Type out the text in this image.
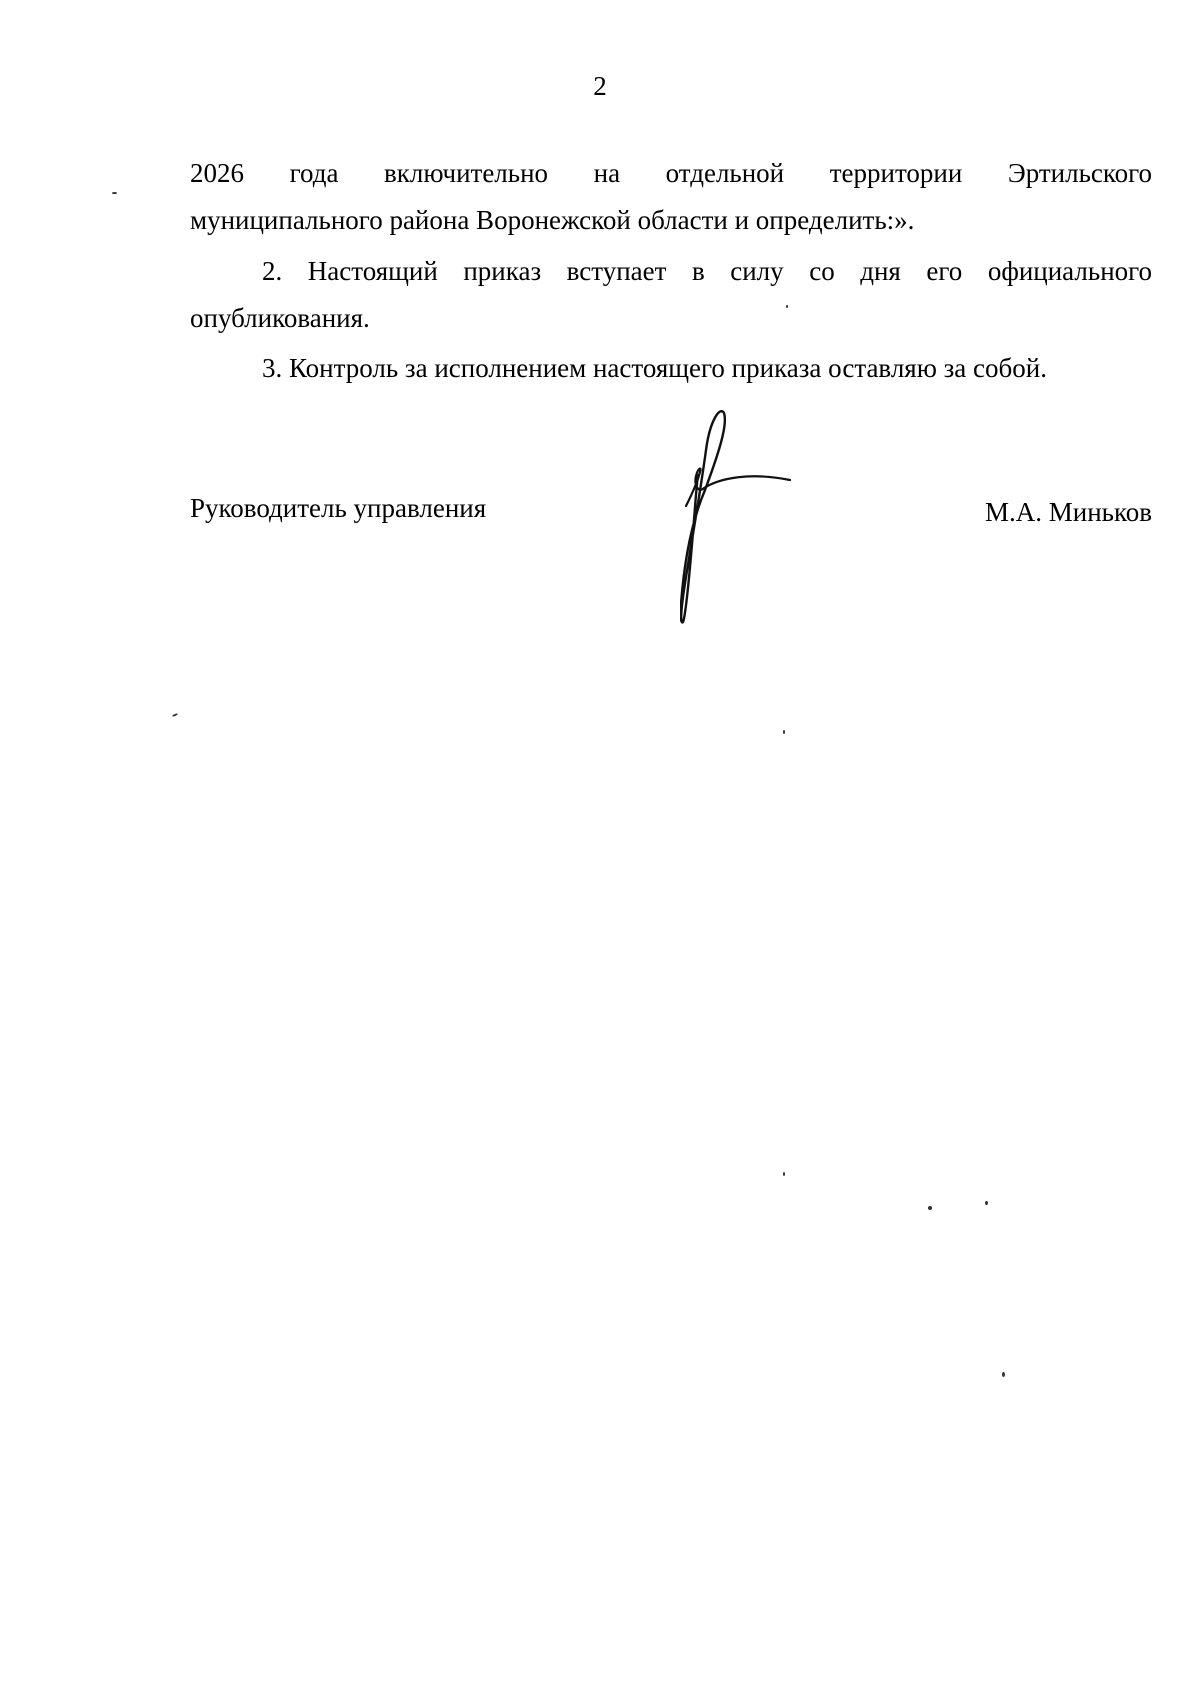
2
2026 года включительно на отдельной территории Эртильского
муниципального района Воронежской области и определить:».
2. Настоящий приказ вступает в силу со дня его официального
опубликования.
3. Контроль за исполнением настоящего приказа оставляю за собой.
Руководитель управления	М.А. Миньков
